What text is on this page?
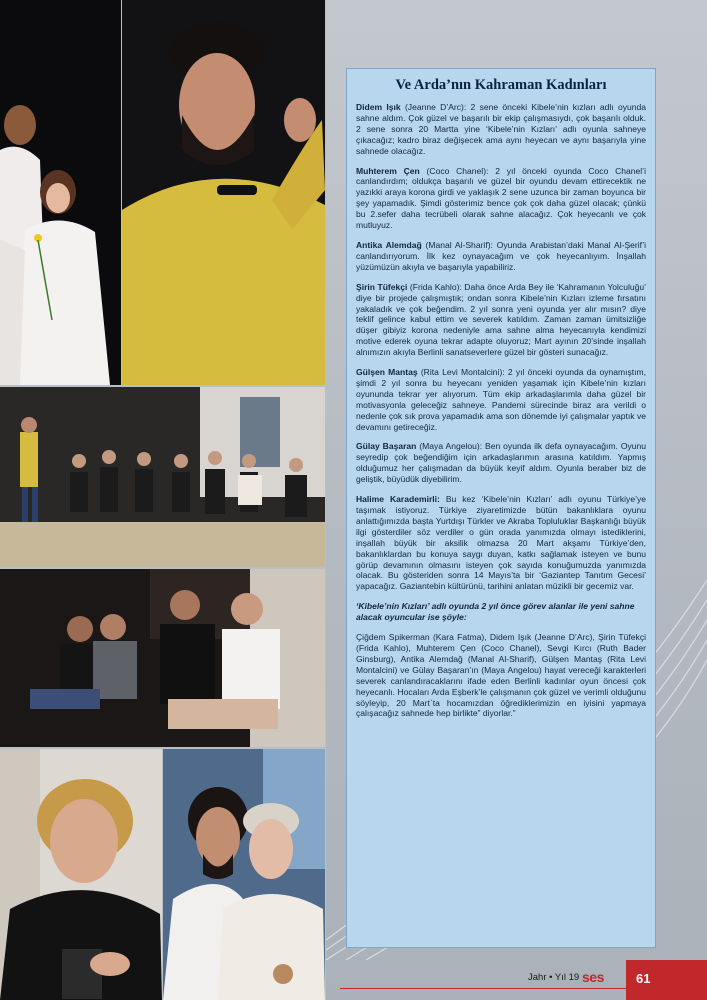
Ve Arda’nın Kahraman Kadınları

Didem Işık (Jeanne D’Arc): 2 sene önceki Kibele’nin kızları adlı oyunda sahne aldım. Çok güzel ve başarılı bir ekip çalışmasıydı, çok başarılı olduk. 2 sene sonra 20 Martta yine ‘Kibele’nin Kızları’ adlı oyunla sahneye çıkacağız; kadro biraz değişecek ama aynı heyecan ve aynı başarıyla yine sahnede olacağız.

Muhterem Çen (Coco Chanel): 2 yıl önceki oyunda Coco Chanel’i canlandırdım; oldukça başarılı ve güzel bir oyundu devam ettirecektik ne yazıkki araya korona girdi ve yaklaşık 2 sene uzunca bir zaman boyunca bir şey yapamadık. Şimdi gösterimiz bence çok çok daha güzel olacak; çünkü bu 2.sefer daha tecrübeli olarak sahne alacağız. Çok heyecanlı ve çok mutluyuz.

Antika Alemdağ (Manal Al-Sharif): Oyunda Arabistan’daki Manal Al-Şerif’i canlandırıyorum. İlk kez oynayacağım ve çok heyecanlıyım. İnşallah yüzümüzün akıyla ve başarıyla yapabiliriz.

Şirin Tüfekçi (Frida Kahlo): Daha önce Arda Bey ile ‘Kahramanın Yolculuğu’ diye bir projede çalışmıştık; ondan sonra Kibele’nin Kızları izleme fırsatını yakaladık ve çok beğendim. 2 yıl sonra yeni oyunda yer alır mısın? diye teklif gelince kabul ettim ve severek katıldım. Zaman zaman ümitsizliğe düşer gibiyiz korona nedeniyle ama sahne alma heyecanıyla kendimizi motive ederek oyuna tekrar adapte oluyoruz; Mart ayının 20’sinde inşallah alnımızın akıyla Berlinli sanatseverlere güzel bir gösteri sunacağız.

Gülşen Mantaş (Rita Levi Montalcini): 2 yıl önceki oyunda da oynamıştım, şimdi 2 yıl sonra bu heyecanı yeniden yaşamak için Kibele’nin kızları oyununda tekrar yer alıyorum. Tüm ekip arkadaşlarımla daha güzel bir motivasyonla geleceğiz sahneye. Pandemi sürecinde biraz ara verildi o nedenle çok sık prova yapamadık ama son dönemde iyi çalışmalar yaptık ve devamını getireceğiz.

Gülay Başaran (Maya Angelou): Ben oyunda ilk defa oynayacağım. Oyunu seyredip çok beğendiğim için arkadaşlarımın arasına katıldım. Yapmış olduğumuz her çalışmadan da büyük keyif aldım. Oyunla beraber biz de geliştik, büyüdük diyebilirim.

Halime Karademirli: Bu kez ‘Kibele’nin Kızları’ adlı oyunu Türkiye’ye taşımak istiyoruz. Türkiye ziyaretimizde bütün bakanlıklara oyunu anlattığımızda başta Yurtdışı Türkler ve Akraba Topluluklar Başkanlığı büyük ilgi gösterdiler söz verdiler o gün orada yanımızda olmayı istediklerini, inşallah büyük bir aksilik olmazsa 20 Mart akşamı Türkiye’den, bakanlıklardan bu konuya saygı duyan, katkı sağlamak isteyen ve bunu görüp devamının olmasını isteyen çok sayıda konuğumuzda yanımızda olacak. Bu gösteriden sonra 14 Mayıs’ta bir ‘Gaziantep Tanıtım Gecesi’ yapacağız. Gaziantebin kültürünü, tarihini anlatan müzikli bir gecemiz var.

‘Kibele’nin Kızları’ adlı oyunda 2 yıl önce görev alanlar ile yeni sahne alacak oyuncular ise şöyle:

Çiğdem Spikerman (Kara Fatma), Didem Işık (Jeanne D’Arc), Şirin Tüfekçi (Frida Kahlo), Muhterem Çen (Coco Chanel), Sevgi Kırcı (Ruth Bader Ginsburg), Antika Alemdağ (Manal Al-Sharif), Gülşen Mantaş (Rita Levi Montalcini) ve Gülay Başaran’ın (Maya Angelou) hayat vereceği karakterleri severek canlandıracaklarını ifade eden Berlinli kadınlar oyun öncesi çok heyecanlı. Hocaları Arda Eşberk’le çalışmanın çok güzel ve verimli olduğunu söyleyip, 20 Mart`ta hocamızdan öğrediklerimizin en iyisini yapmaya çalışacağız sahnede hep birlikte” diyorlar.”

Jahr • Yıl 19 ses 61
